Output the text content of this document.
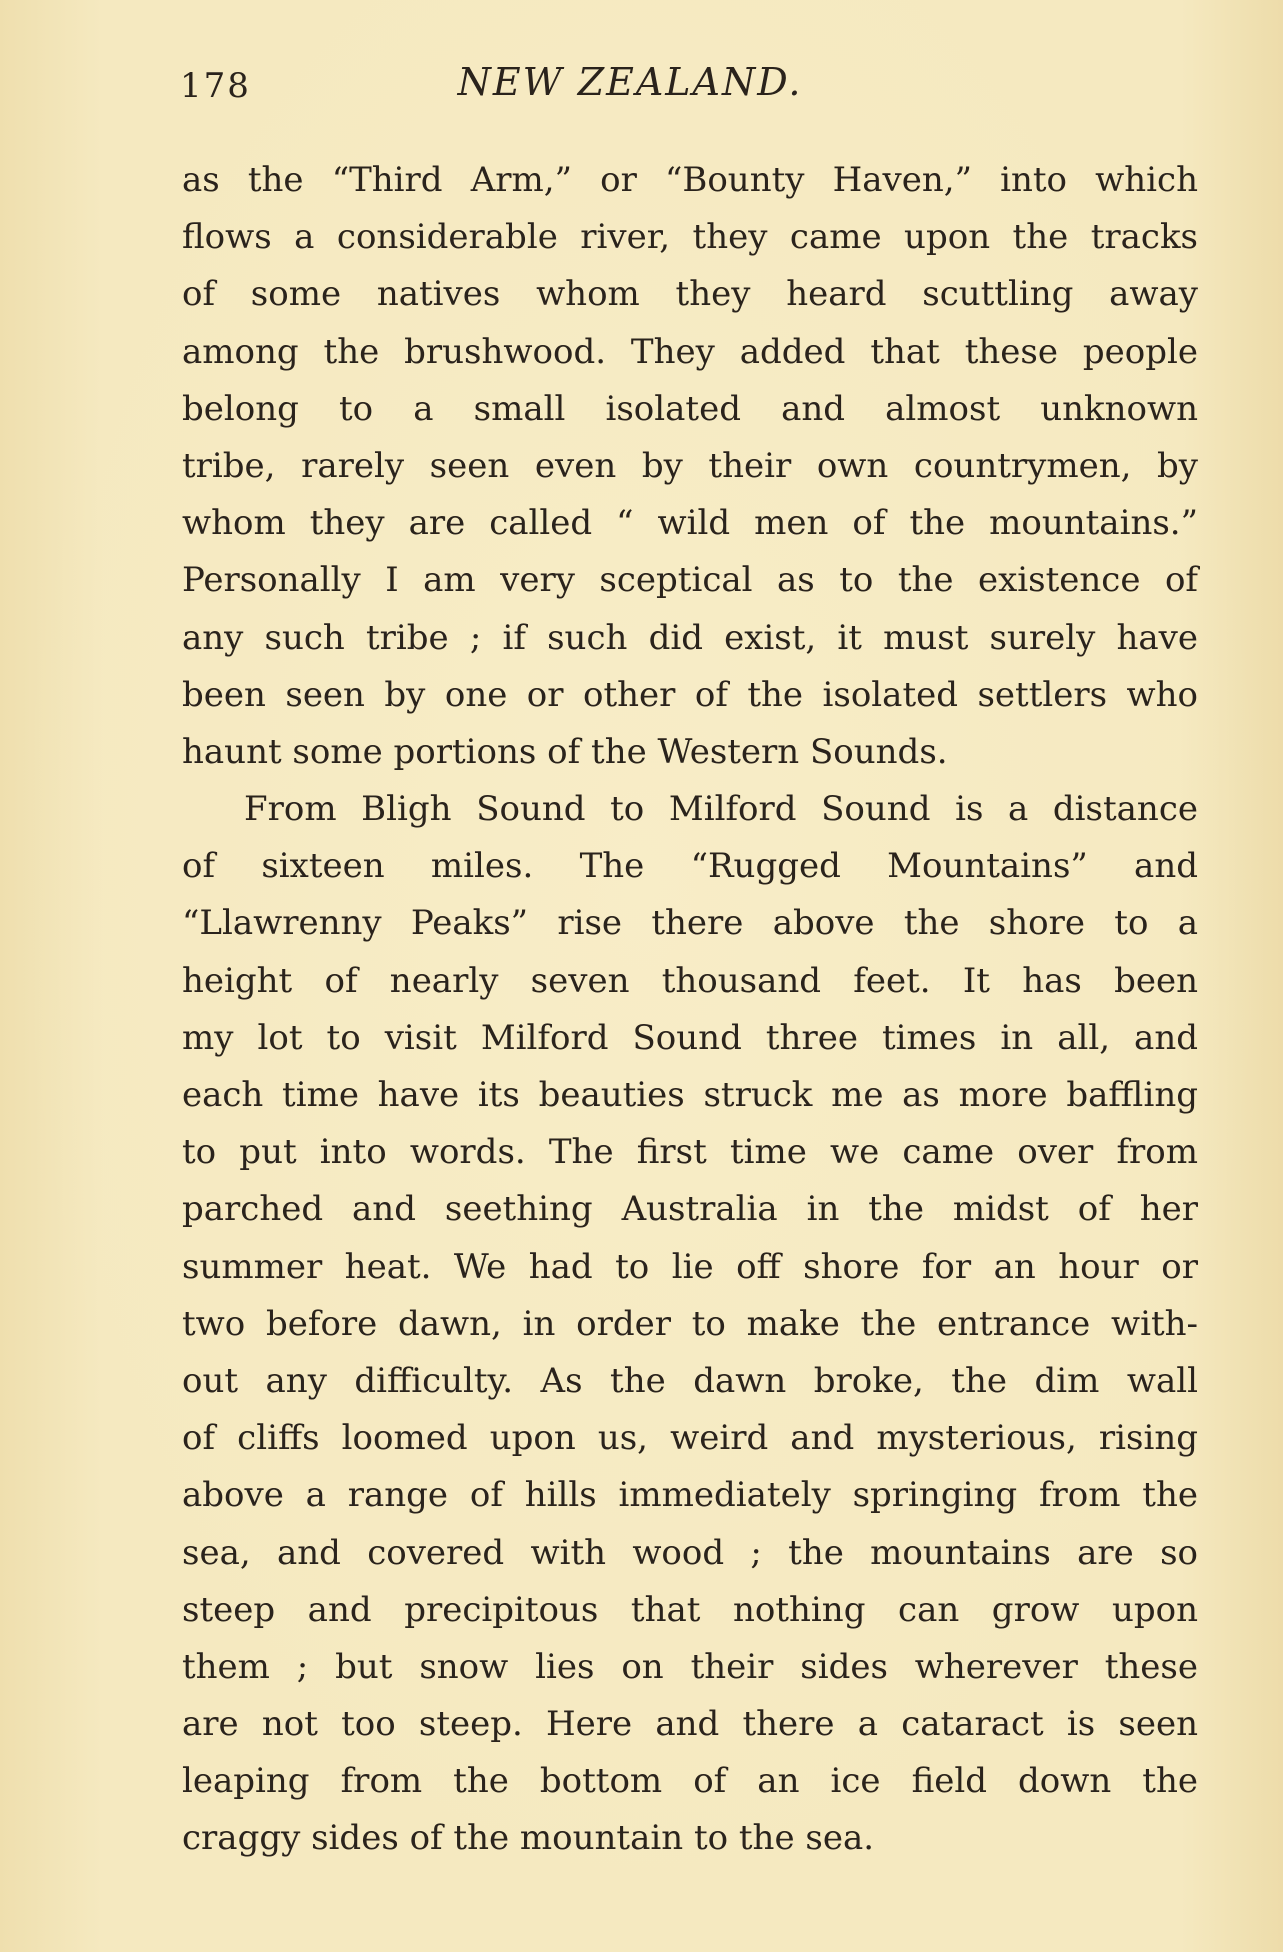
178	NEW ZEALAND.
as the “Third Arm,” or “Bounty Haven,” into which
flows a considerable river, they came upon the tracks
of some natives whom they heard scuttling away
among the brushwood. They added that these people
belong to a small isolated and almost unknown
tribe, rarely seen even by their own countrymen, by
whom they are called “ wild men of the mountains.”
Personally I am very sceptical as to the existence of
any such tribe ; if such did exist, it must surely have
been seen by one or other of the isolated settlers who
haunt some portions of the Western Sounds.
From Bligh Sound to Milford Sound is a distance
of sixteen miles. The “Rugged Mountains” and
“Llawrenny Peaks” rise there above the shore to a
height of nearly seven thousand feet. It has been
my lot to visit Milford Sound three times in all, and
each time have its beauties struck me as more baffling
to put into words. The first time we came over from
parched and seething Australia in the midst of her
summer heat. We had to lie off shore for an hour or
two before dawn, in order to make the entrance with-
out any difficulty. As the dawn broke, the dim wall
of cliffs loomed upon us, weird and mysterious, rising
above a range of hills immediately springing from the
sea, and covered with wood ; the mountains are so
steep and precipitous that nothing can grow upon
them ; but snow lies on their sides wherever these
are not too steep. Here and there a cataract is seen
leaping from the bottom of an ice field down the
craggy sides of the mountain to the sea.
